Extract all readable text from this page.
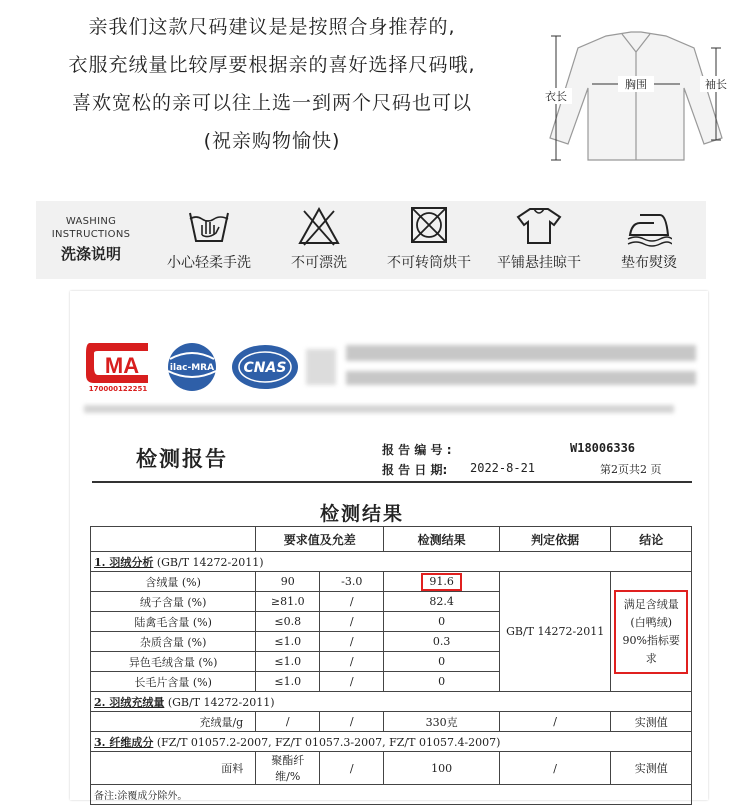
亲我们这款尺码建议是是按照合身推荐的,
衣服充绒量比较厚要根据亲的喜好选择尺码哦,
喜欢宽松的亲可以往上选一到两个尺码也可以
(祝亲购物愉快)
衣长
胸围	袖长
WASHING
INSTRUCTIONS
洗涤说明	小心轻柔手洗	不可漂洗	不可转筒烘干	平铺悬挂晾干	垫布熨烫
MA
170000122251
ilac-MRA CNAS
检测报告	报 告 编 号 :	W18006336
报 告 日 期: 2022-8-21	第2页共2 页
检测结果
	要求值及允差		检测结果	判定依据	结论
1. 羽绒分析 (GB/T 14272-2011)					
含绒量 (%)	90	-3.0	91.6	GB/T 14272-2011	满足含绒量
(白鸭绒)
90%指标要求
绒子含量 (%)	≥81.0	/	82.4		
陆禽毛含量 (%)	≤0.8	/	0		
杂质含量 (%)	≤1.0	/	0.3		
异色毛绒含量 (%)	≤1.0	/	0		
长毛片含量 (%)	≤1.0	/	0		
2. 羽绒充绒量 (GB/T 14272-2011)					
充绒量/g	/	/	330克	/	实测值
3. 纤维成分 (FZ/T 01057.2-2007, FZ/T 01057.3-2007, FZ/T 01057.4-2007)					
面料	聚酯纤维/%	/	100	/	实测值
备注:涂覆成分除外。					
